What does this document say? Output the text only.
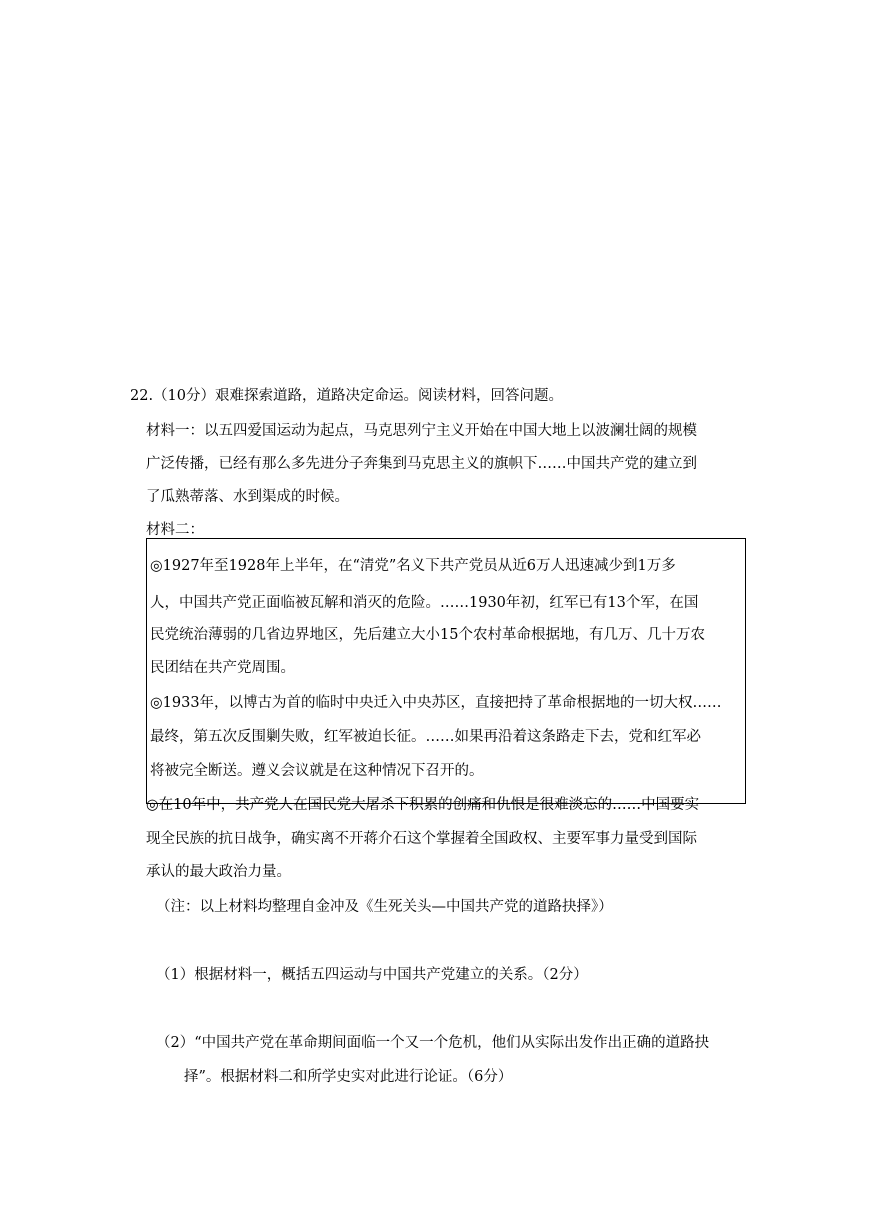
22.（10分）艰难探索道路，道路决定命运。阅读材料，回答问题。
材料一：以五四爱国运动为起点，马克思列宁主义开始在中国大地上以波澜壮阔的规模
广泛传播，已经有那么多先进分子奔集到马克思主义的旗帜下……中国共产党的建立到
了瓜熟蒂落、水到渠成的时候。
材料二：
◎1927年至1928年上半年，在“清党”名义下共产党员从近6万人迅速减少到1万多
人，中国共产党正面临被瓦解和消灭的危险。……1930年初，红军已有13个军，在国
民党统治薄弱的几省边界地区，先后建立大小15个农村革命根据地，有几万、几十万农
民团结在共产党周围。
◎1933年，以博古为首的临时中央迁入中央苏区，直接把持了革命根据地的一切大权……
最终，第五次反围剿失败，红军被迫长征。……如果再沿着这条路走下去，党和红军必
将被完全断送。遵义会议就是在这种情况下召开的。
◎在10年中，共产党人在国民党大屠杀下积累的创痛和仇恨是很难淡忘的……中国要实
现全民族的抗日战争，确实离不开蒋介石这个掌握着全国政权、主要军事力量受到国际
承认的最大政治力量。
（注：以上材料均整理自金冲及《生死关头—中国共产党的道路抉择》）
（1）根据材料一，概括五四运动与中国共产党建立的关系。（2分）
（2）“中国共产党在革命期间面临一个又一个危机，他们从实际出发作出正确的道路抉
择”。根据材料二和所学史实对此进行论证。（6分）
